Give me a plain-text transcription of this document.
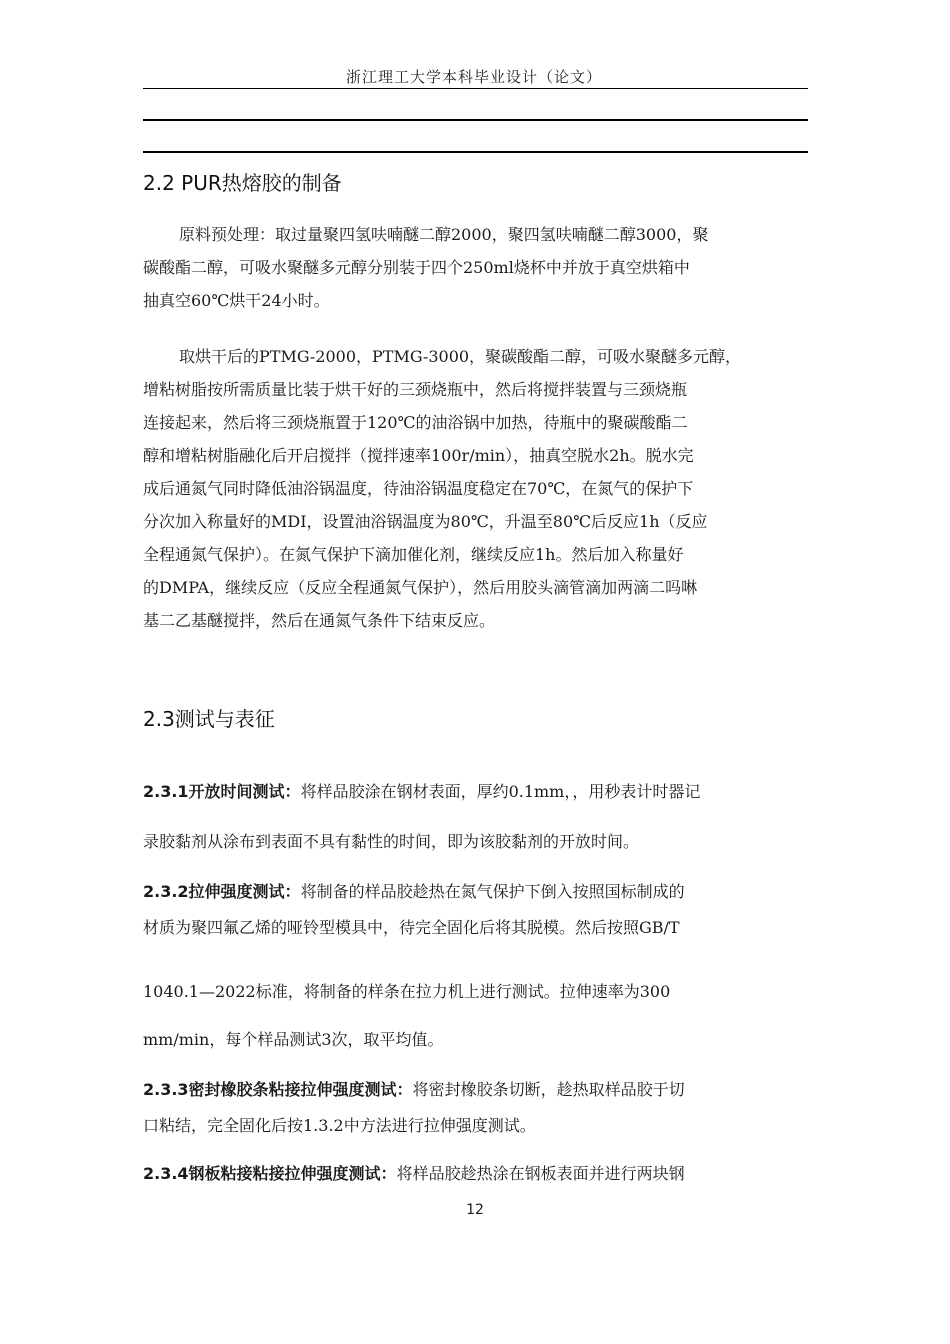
浙江理工大学本科毕业设计（论文）
2.2 PUR热熔胶的制备
原料预处理：取过量聚四氢呋喃醚二醇2000，聚四氢呋喃醚二醇3000，聚
碳酸酯二醇，可吸水聚醚多元醇分别装于四个250ml烧杯中并放于真空烘箱中
抽真空60℃烘干24小时。
取烘干后的PTMG-2000，PTMG-3000，聚碳酸酯二醇，可吸水聚醚多元醇，
增粘树脂按所需质量比装于烘干好的三颈烧瓶中，然后将搅拌装置与三颈烧瓶
连接起来，然后将三颈烧瓶置于120℃的油浴锅中加热，待瓶中的聚碳酸酯二
醇和增粘树脂融化后开启搅拌（搅拌速率100r/min），抽真空脱水2h。脱水完
成后通氮气同时降低油浴锅温度，待油浴锅温度稳定在70℃，在氮气的保护下
分次加入称量好的MDI，设置油浴锅温度为80℃，升温至80℃后反应1h（反应
全程通氮气保护）。在氮气保护下滴加催化剂，继续反应1h。然后加入称量好
的DMPA，继续反应（反应全程通氮气保护），然后用胶头滴管滴加两滴二吗啉
基二乙基醚搅拌，然后在通氮气条件下结束反应。
2.3测试与表征
2.3.1开放时间测试：将样品胶涂在钢材表面，厚约0.1mm，，用秒表计时器记
录胶黏剂从涂布到表面不具有黏性的时间，即为该胶黏剂的开放时间。
2.3.2拉伸强度测试：将制备的样品胶趁热在氮气保护下倒入按照国标制成的
材质为聚四氟乙烯的哑铃型模具中，待完全固化后将其脱模。然后按照GB/T
1040.1—2022标准，将制备的样条在拉力机上进行测试。拉伸速率为300
mm/min，每个样品测试3次，取平均值。
2.3.3密封橡胶条粘接拉伸强度测试：将密封橡胶条切断，趁热取样品胶于切
口粘结，完全固化后按1.3.2中方法进行拉伸强度测试。
2.3.4钢板粘接粘接拉伸强度测试：将样品胶趁热涂在钢板表面并进行两块钢
12
